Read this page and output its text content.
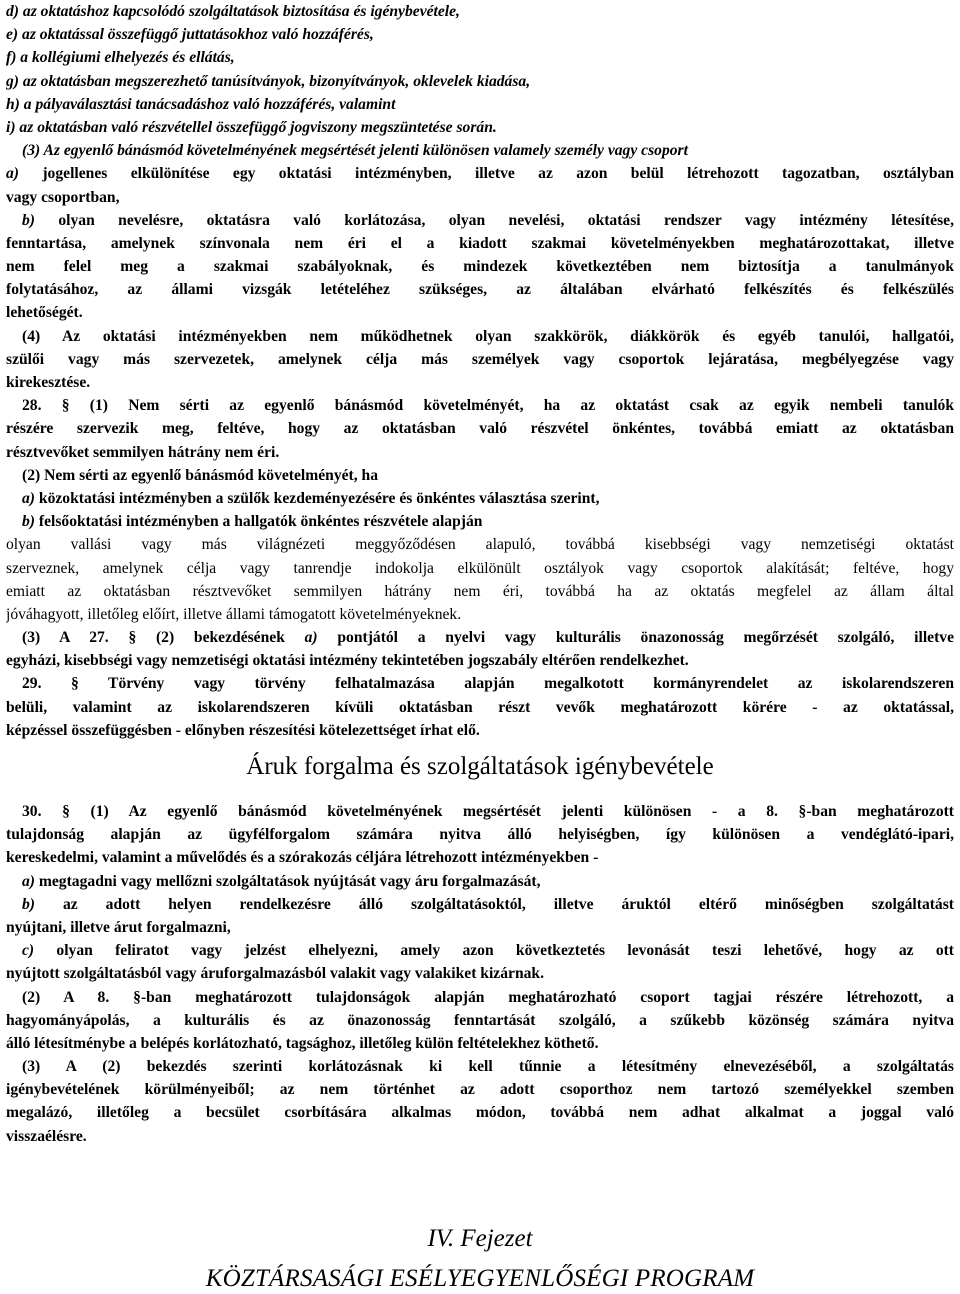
d) az oktatáshoz kapcsolódó szolgáltatások biztosítása és igénybevétele,
e) az oktatással összefüggő juttatásokhoz való hozzáférés,
f) a kollégiumi elhelyezés és ellátás,
g) az oktatásban megszerezhető tanúsítványok, bizonyítványok, oklevelek kiadása,
h) a pályaválasztási tanácsadáshoz való hozzáférés, valamint
i) az oktatásban való részvétellel összefüggő jogviszony megszüntetése során.
(3) Az egyenlő bánásmód követelményének megsértését jelenti különösen valamely személy vagy csoport
a) jogellenes elkülönítése egy oktatási intézményben, illetve az azon belül létrehozott tagozatban, osztályban
vagy csoportban,
b) olyan nevelésre, oktatásra való korlátozása, olyan nevelési, oktatási rendszer vagy intézmény létesítése,
fenntartása, amelynek színvonala nem éri el a kiadott szakmai követelményekben meghatározottakat, illetve
nem felel meg a szakmai szabályoknak, és mindezek következtében nem biztosítja a tanulmányok
folytatásához, az állami vizsgák letételéhez szükséges, az általában elvárható felkészítés és felkészülés
lehetőségét.
(4) Az oktatási intézményekben nem működhetnek olyan szakkörök, diákkörök és egyéb tanulói, hallgatói,
szülői vagy más szervezetek, amelynek célja más személyek vagy csoportok lejáratása, megbélyegzése vagy
kirekesztése.
28. § (1) Nem sérti az egyenlő bánásmód követelményét, ha az oktatást csak az egyik nembeli tanulók
részére szervezik meg, feltéve, hogy az oktatásban való részvétel önkéntes, továbbá emiatt az oktatásban
résztvevőket semmilyen hátrány nem éri.
(2) Nem sérti az egyenlő bánásmód követelményét, ha
a) közoktatási intézményben a szülők kezdeményezésére és önkéntes választása szerint,
b) felsőoktatási intézményben a hallgatók önkéntes részvétele alapján
olyan vallási vagy más világnézeti meggyőződésen alapuló, továbbá kisebbségi vagy nemzetiségi oktatást
szerveznek, amelynek célja vagy tanrendje indokolja elkülönült osztályok vagy csoportok alakítását; feltéve, hogy
emiatt az oktatásban résztvevőket semmilyen hátrány nem éri, továbbá ha az oktatás megfelel az állam által
jóváhagyott, illetőleg előírt, illetve állami támogatott követelményeknek.
(3) A 27. § (2) bekezdésének a) pontjától a nyelvi vagy kulturális önazonosság megőrzését szolgáló, illetve
egyházi, kisebbségi vagy nemzetiségi oktatási intézmény tekintetében jogszabály eltérően rendelkezhet.
29. § Törvény vagy törvény felhatalmazása alapján megalkotott kormányrendelet az iskolarendszeren
belüli, valamint az iskolarendszeren kívüli oktatásban részt vevők meghatározott körére - az oktatással,
képzéssel összefüggésben - előnyben részesítési kötelezettséget írhat elő.
Áruk forgalma és szolgáltatások igénybevétele
30. § (1) Az egyenlő bánásmód követelményének megsértését jelenti különösen - a 8. §-ban meghatározott
tulajdonság alapján az ügyfélforgalom számára nyitva álló helyiségben, így különösen a vendéglátó-ipari,
kereskedelmi, valamint a művelődés és a szórakozás céljára létrehozott intézményekben -
a) megtagadni vagy mellőzni szolgáltatások nyújtását vagy áru forgalmazását,
b) az adott helyen rendelkezésre álló szolgáltatásoktól, illetve áruktól eltérő minőségben szolgáltatást
nyújtani, illetve árut forgalmazni,
c) olyan feliratot vagy jelzést elhelyezni, amely azon következtetés levonását teszi lehetővé, hogy az ott
nyújtott szolgáltatásból vagy áruforgalmazásból valakit vagy valakiket kizárnak.
(2) A 8. §-ban meghatározott tulajdonságok alapján meghatározható csoport tagjai részére létrehozott, a
hagyományápolás, a kulturális és az önazonosság fenntartását szolgáló, a szűkebb közönség számára nyitva
álló létesítménybe a belépés korlátozható, tagsághoz, illetőleg külön feltételekhez köthető.
(3) A (2) bekezdés szerinti korlátozásnak ki kell tűnnie a létesítmény elnevezéséből, a szolgáltatás
igénybevételének körülményeiből; az nem történhet az adott csoporthoz nem tartozó személyekkel szemben
megalázó, illetőleg a becsület csorbítására alkalmas módon, továbbá nem adhat alkalmat a joggal való
visszaélésre.
IV. Fejezet
KÖZTÁRSASÁGI ESÉLYEGYENLŐSÉGI PROGRAM
